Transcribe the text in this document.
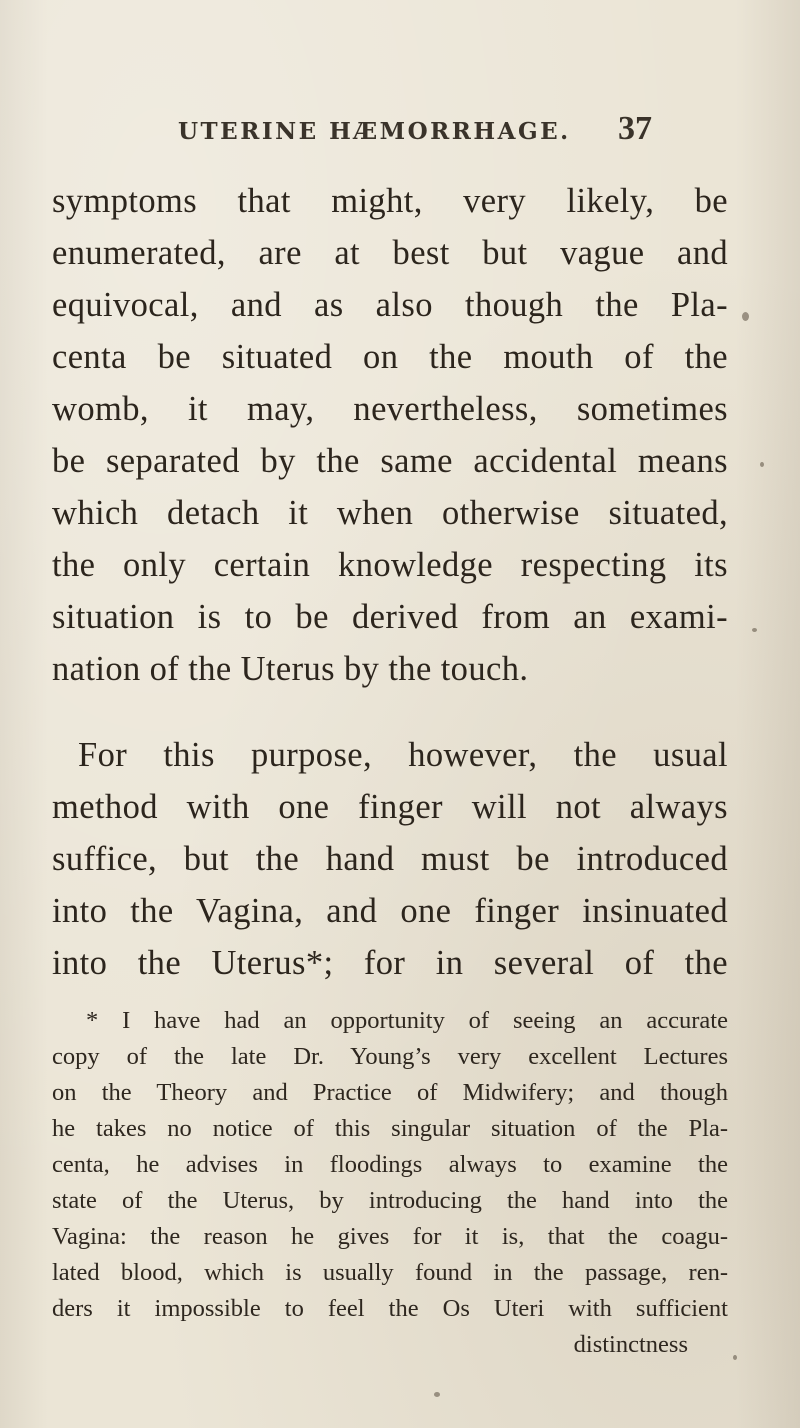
UTERINE HÆMORRHAGE. 37
symptoms that might, very likely, be
enumerated, are at best but vague and
equivocal, and as also though the Pla-
centa be situated on the mouth of the
womb, it may, nevertheless, sometimes
be separated by the same accidental means
which detach it when otherwise situated,
the only certain knowledge respecting its
situation is to be derived from an exami-
nation of the Uterus by the touch.
For this purpose, however, the usual
method with one finger will not always
suffice, but the hand must be introduced
into the Vagina, and one finger insinuated
into the Uterus*; for in several of the
* I have had an opportunity of seeing an accurate
copy of the late Dr. Young’s very excellent Lectures
on the Theory and Practice of Midwifery; and though
he takes no notice of this singular situation of the Pla-
centa, he advises in floodings always to examine the
state of the Uterus, by introducing the hand into the
Vagina: the reason he gives for it is, that the coagu-
lated blood, which is usually found in the passage, ren-
ders it impossible to feel the Os Uteri with sufficient
distinctness
